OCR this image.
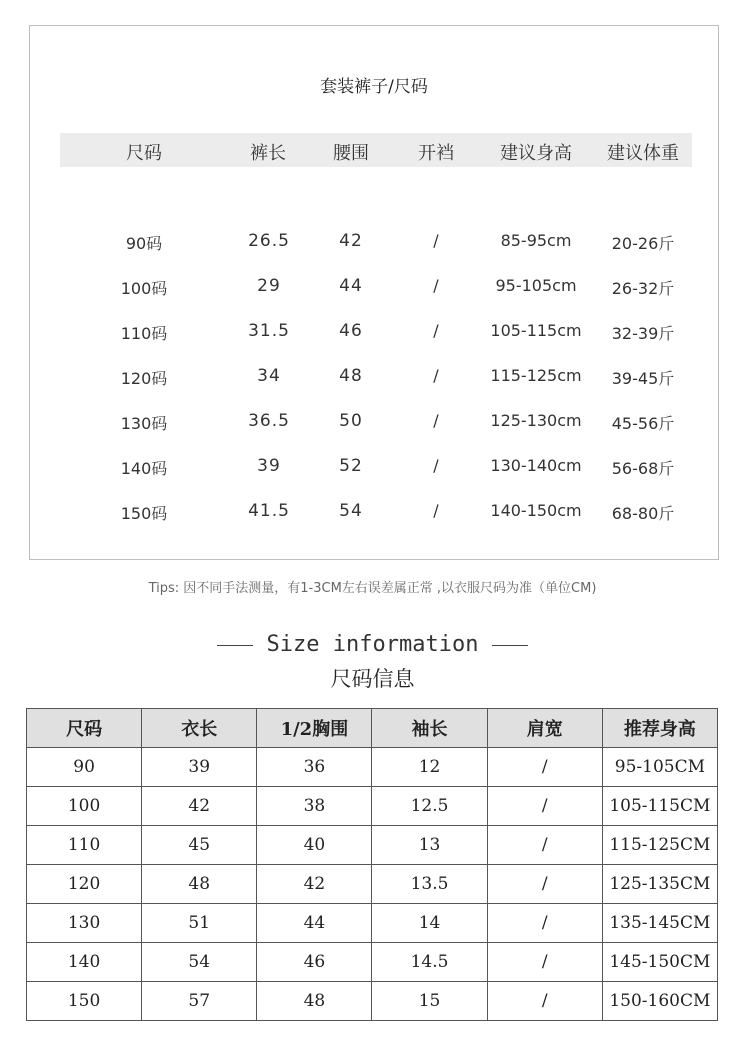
套装裤子/尺码
尺码	裤长	腰围	开裆	建议身高 建议体重
90码	26.5	42	/	85-95cm	20-26斤
100码	29	44	/	95-105cm 26-32斤
110码	31.5	46	/	105-115cm 32-39斤
120码	34	48	/	115-125cm 39-45斤
130码	36.5	50	/	125-130cm 45-56斤
140码	39	52	/	130-140cm 56-68斤
150码	41.5	54	/	140-150cm 68-80斤
Tips: 因不同手法测量，有1-3CM左右误差属正常 ,以衣服尺码为准（单位CM)
Size information
尺码信息
尺码	衣长	1/2胸围	袖长	肩宽	推荐身高
90	39	36	12	/	95-105CM
100	42	38	12.5	/	105-115CM
110	45	40	13	/	115-125CM
120	48	42	13.5	/	125-135CM
130	51	44	14	/	135-145CM
140	54	46	14.5	/	145-150CM
150	57	48	15	/	150-160CM
